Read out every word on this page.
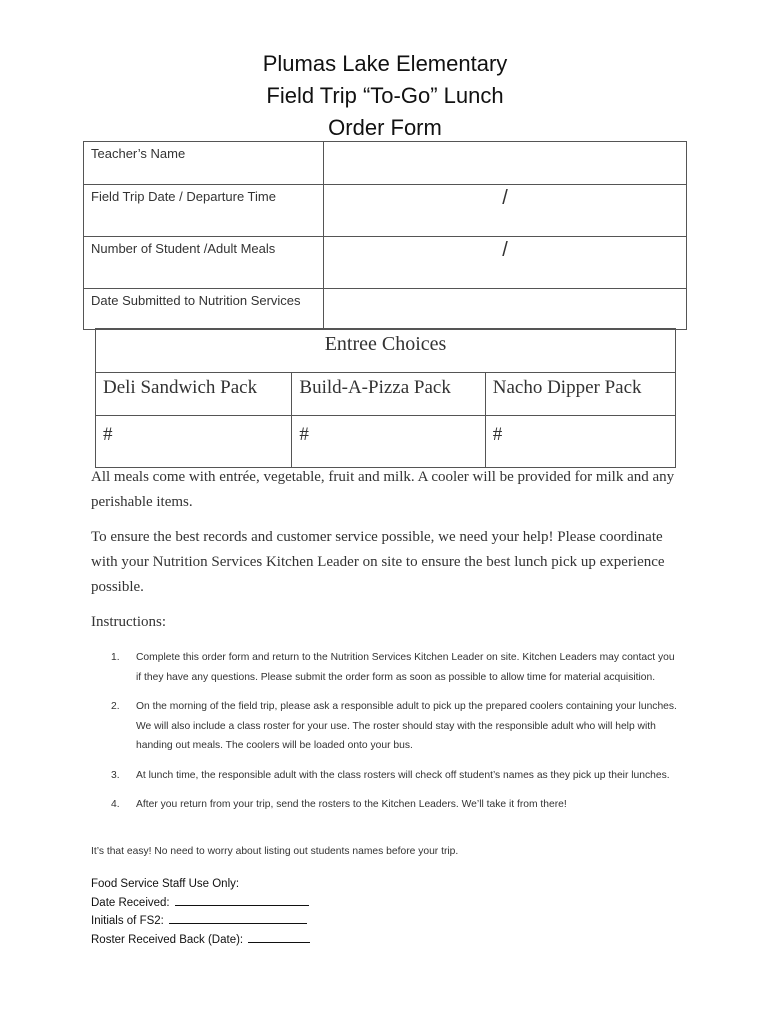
Plumas Lake Elementary
Field Trip “To-Go” Lunch
Order Form
Teacher’s Name	
Field Trip Date / Departure Time	/
Number of Student /Adult Meals	/
Date Submitted to Nutrition Services	
Entree Choices		
Deli Sandwich Pack	Build-A-Pizza Pack	Nacho Dipper Pack
#	#	#

All meals come with entrée, vegetable, fruit and milk. A cooler will be provided for milk and any perishable items.

To ensure the best records and customer service possible, we need your help! Please coordinate with your Nutrition Services Kitchen Leader on site to ensure the best lunch pick up experience possible.

Instructions:

1. Complete this order form and return to the Nutrition Services Kitchen Leader on site. Kitchen Leaders may contact you if they have any questions. Please submit the order form as soon as possible to allow time for material acquisition.
2. On the morning of the field trip, please ask a responsible adult to pick up the prepared coolers containing your lunches. We will also include a class roster for your use. The roster should stay with the responsible adult who will help with handing out meals. The coolers will be loaded onto your bus.
3. At lunch time, the responsible adult with the class rosters will check off student’s names as they pick up their lunches.
4. After you return from your trip, send the rosters to the Kitchen Leaders. We’ll take it from there!

It’s that easy! No need to worry about listing out students names before your trip.

Food Service Staff Use Only:
Date Received:
Initials of FS2:
Roster Received Back (Date):
